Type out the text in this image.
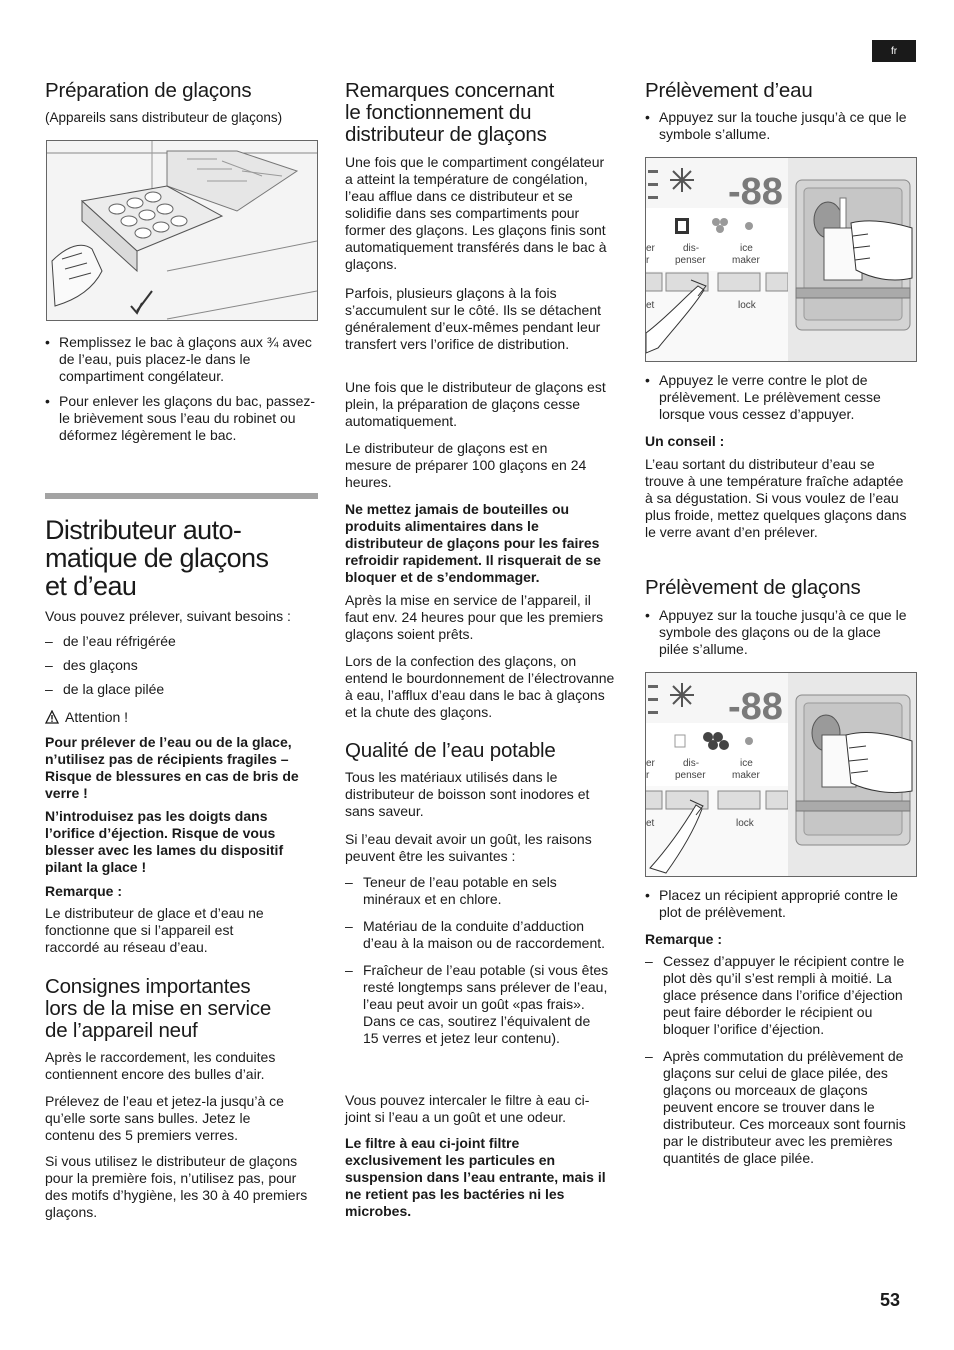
fr
Préparation de glaçons

(Appareils sans distributeur de glaçons)

• Remplissez le bac à glaçons aux ¾ avec de l’eau, puis placez-le dans le compartiment congélateur.
• Pour enlever les glaçons du bac, passez-le brièvement sous l’eau du robinet ou déformez légèrement le bac.
Distributeur auto-
matique de glaçons
et d’eau

Vous pouvez prélever, suivant besoins :

– de l’eau réfrigérée
– des glaçons
– de la glace pilée

Attention !

Pour prélever de l’eau ou de la glace, n’utilisez pas de récipients fragiles – Risque de blessures en cas de bris de verre !

N’introduisez pas les doigts dans l’orifice d’éjection. Risque de vous blesser avec les lames du dispositif pilant la glace !

Remarque :

Le distributeur de glace et d’eau ne fonctionne que si l’appareil est raccordé au réseau d’eau.

Consignes importantes
lors de la mise en service
de l’appareil neuf

Après le raccordement, les conduites contiennent encore des bulles d’air.

Prélevez de l’eau et jetez-la jusqu’à ce qu’elle sorte sans bulles. Jetez le contenu des 5 premiers verres.

Si vous utilisez le distributeur de glaçons pour la première fois, n’utilisez pas, pour des motifs d’hygiène, les 30 à 40 premiers glaçons.

Remarques concernant
le fonctionnement du
distributeur de glaçons

Une fois que le compartiment congélateur a atteint la température de congélation, l’eau afflue dans ce distributeur et se solidifie dans ses compartiments pour former des glaçons. Les glaçons finis sont automatiquement transférés dans le bac à glaçons.

Parfois, plusieurs glaçons à la fois s’accumulent sur le côté. Ils se détachent généralement d’eux-mêmes pendant leur transfert vers l’orifice de distribution.

Une fois que le distributeur de glaçons est plein, la préparation de glaçons cesse automatiquement.

Le distributeur de glaçons est en mesure de préparer 100 glaçons en 24 heures.

Ne mettez jamais de bouteilles ou produits alimentaires dans le distributeur de glaçons pour les faires refroidir rapidement. Il risquerait de se bloquer et de s’endommager.

Après la mise en service de l’appareil, il faut env. 24 heures pour que les premiers glaçons soient prêts.

Lors de la confection des glaçons, on entend le bourdonnement de l’électrovanne à eau, l’afflux d’eau dans le bac à glaçons et la chute des glaçons.

Qualité de l’eau potable

Tous les matériaux utilisés dans le distributeur de boisson sont inodores et sans saveur.

Si l’eau devait avoir un goût, les raisons peuvent être les suivantes :

– Teneur de l’eau potable en sels minéraux et en chlore.
– Matériau de la conduite d’adduction d’eau à la maison ou de raccordement.
– Fraîcheur de l’eau potable (si vous êtes resté longtemps sans prélever de l’eau, l’eau peut avoir un goût «pas frais». Dans ce cas, soutirez l’équivalent de 15 verres et jetez leur contenu).

Vous pouvez intercaler le filtre à eau ci-joint si l’eau a un goût et une odeur.

Le filtre à eau ci-joint filtre exclusivement les particules en suspension dans l’eau entrante, mais il ne retient pas les bactéries ni les microbes.

Prélèvement d’eau
• Appuyez sur la touche jusqu’à ce que le symbole s’allume.
-88
er
r
dis-
penser
ice
maker
et	lock
• Appuyez le verre contre le plot de prélèvement. Le prélèvement cesse lorsque vous cessez d’appuyer.

Un conseil :

L’eau sortant du distributeur d’eau se trouve à une température fraîche adaptée à sa dégustation. Si vous voulez de l’eau plus froide, mettez quelques glaçons dans le verre avant d’en prélever.

Prélèvement de glaçons
• Appuyez sur la touche jusqu’à ce que le symbole des glaçons ou de la glace pilée s’allume.
-88
er
r
dis-
penser
ice
maker
et	lock
• Placez un récipient approprié contre le plot de prélèvement.

Remarque :

– Cessez d’appuyer le récipient contre le plot dès qu’il s’est rempli à moitié. La glace présence dans l’orifice d’éjection peut faire déborder le récipient ou bloquer l’orifice d’éjection.
– Après commutation du prélèvement de glaçons sur celui de glace pilée, des glaçons ou morceaux de glaçons peuvent encore se trouver dans le distributeur. Ces morceaux sont fournis par le distributeur avec les premières quantités de glace pilée.
53
